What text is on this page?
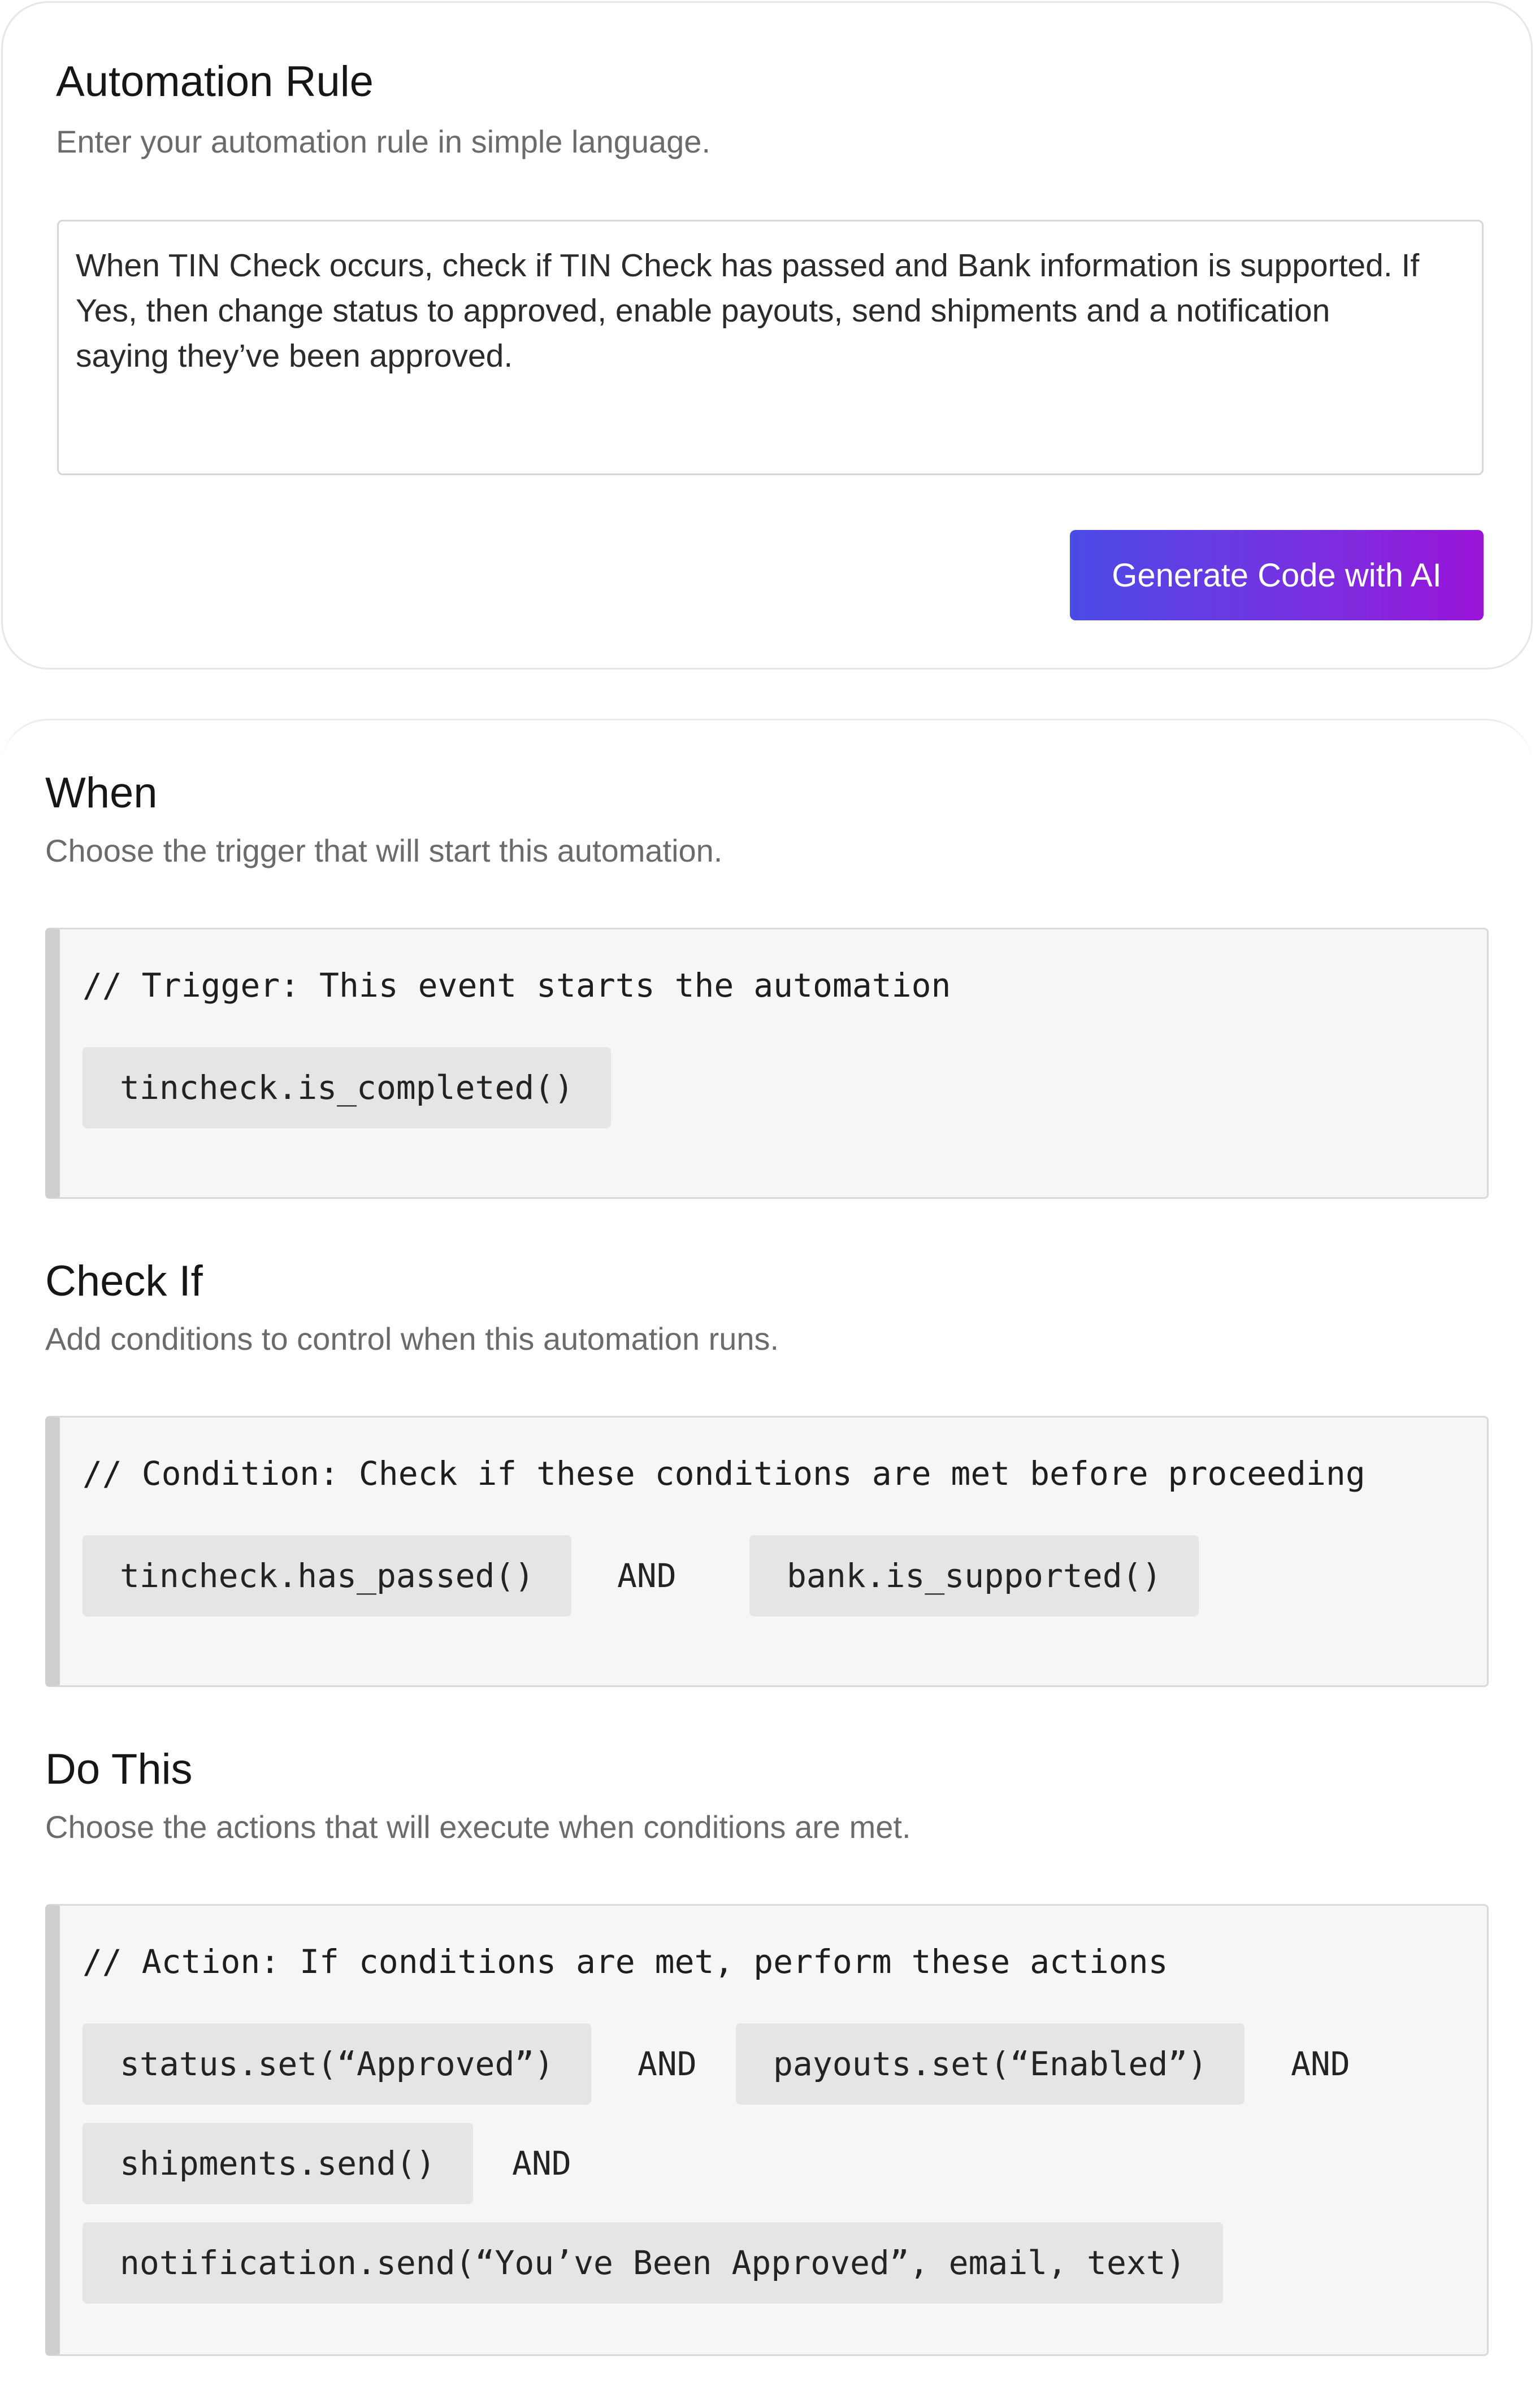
Automation Rule
Enter your automation rule in simple language.
When TIN Check occurs, check if TIN Check has passed and Bank information is supported. If
Yes, then change status to approved, enable payouts, send shipments and a notification
saying they’ve been approved.
Generate Code with AI
When
Choose the trigger that will start this automation.
// Trigger: This event starts the automation
tincheck.is_completed()
Check If
Add conditions to control when this automation runs.
// Condition: Check if these conditions are met before proceeding
tincheck.has_passed()	AND	bank.is_supported()
Do This
Choose the actions that will execute when conditions are met.
// Action: If conditions are met, perform these actions
status.set(“Approved”)	AND	payouts.set(“Enabled”)	AND
shipments.send()	AND
notification.send(“You’ve Been Approved”, email, text)
